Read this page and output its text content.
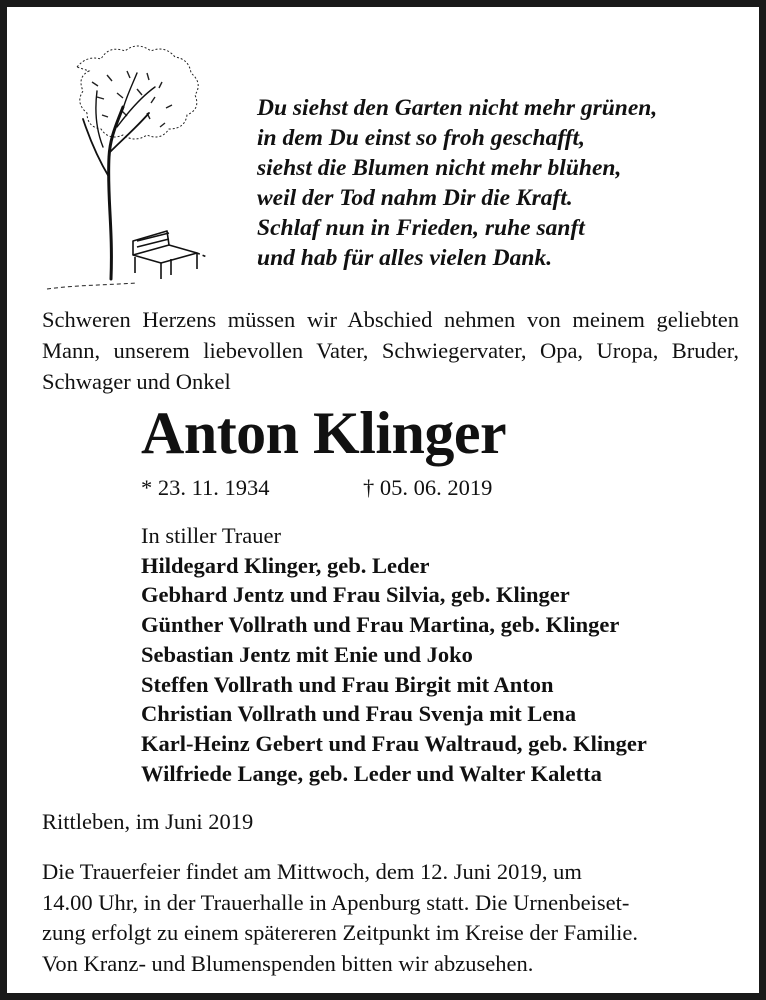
Du siehst den Garten nicht mehr grünen,
in dem Du einst so froh geschafft,
siehst die Blumen nicht mehr blühen,
weil der Tod nahm Dir die Kraft.
Schlaf nun in Frieden, ruhe sanft
und hab für alles vielen Dank.
Schweren Herzens müssen wir Abschied nehmen von meinem geliebten Mann, unserem liebevollen Vater, Schwiegervater, Opa, Uropa, Bruder, Schwager und Onkel
Anton Klinger
* 23. 11. 1934	† 05. 06. 2019
In stiller Trauer
Hildegard Klinger, geb. Leder
Gebhard Jentz und Frau Silvia, geb. Klinger
Günther Vollrath und Frau Martina, geb. Klinger
Sebastian Jentz mit Enie und Joko
Steffen Vollrath und Frau Birgit mit Anton
Christian Vollrath und Frau Svenja mit Lena
Karl-Heinz Gebert und Frau Waltraud, geb. Klinger
Wilfriede Lange, geb. Leder und Walter Kaletta
Rittleben, im Juni 2019
Die Trauerfeier findet am Mittwoch, dem 12. Juni 2019, um
14.00 Uhr, in der Trauerhalle in Apenburg statt. Die Urnenbeiset-
zung erfolgt zu einem spätereren Zeitpunkt im Kreise der Familie.
Von Kranz- und Blumenspenden bitten wir abzusehen.
